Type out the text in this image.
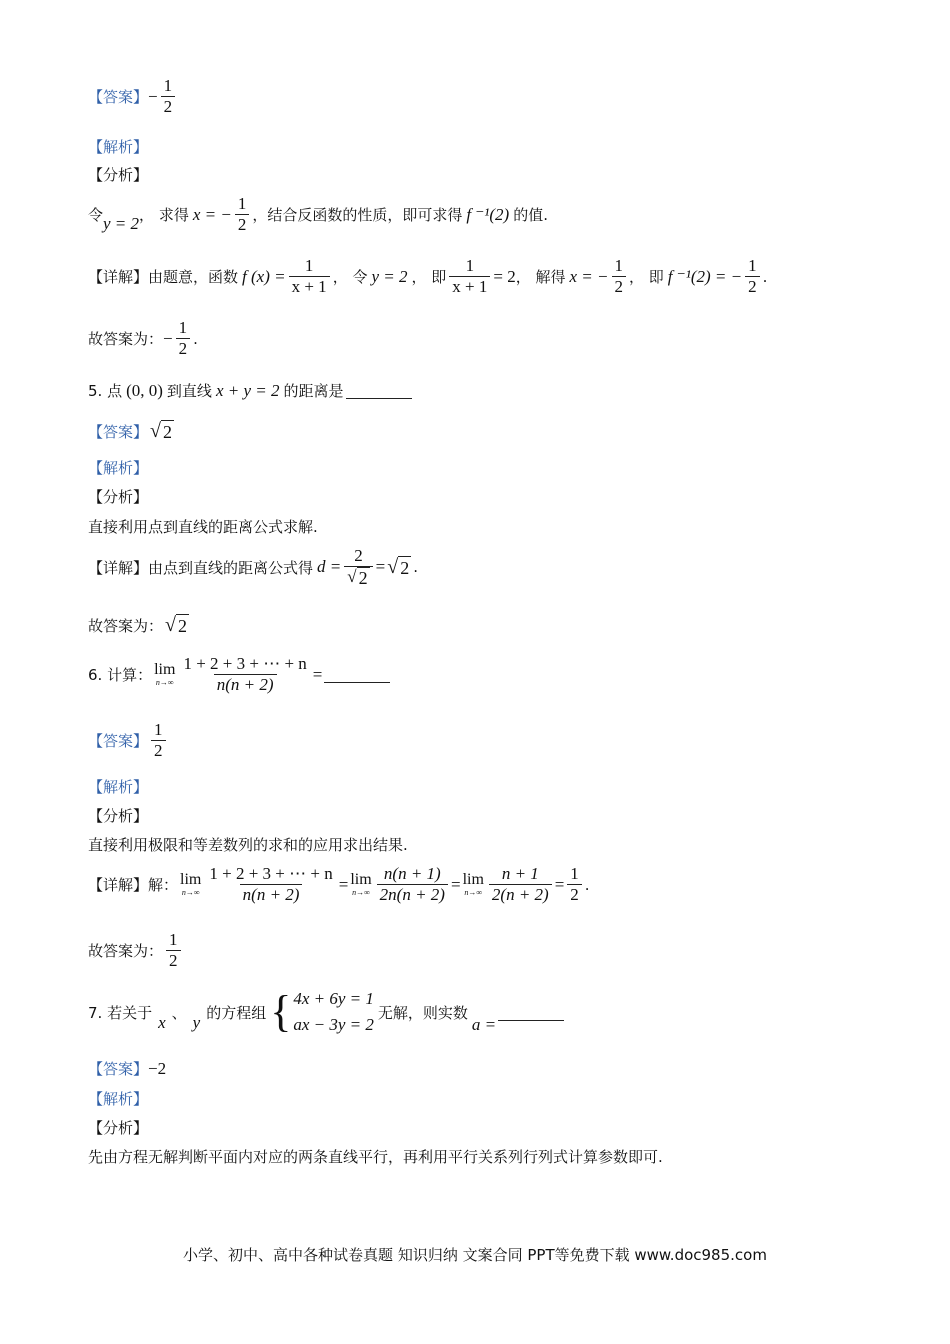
【答案】 − $\frac{1}{2}$
【解析】
【分析】
令 y = 2 ， 求得 x = − $\frac{1}{2}$ ，结合反函数的性质，即可求得 f ⁻¹(2) 的值.
【详解】 由题意，函数 f $(x) = \frac{1}{x + 1}$ ， 令 y = 2 ， 即 $\frac{1}{x + 1} = 2$ ， 解得 x = − $\frac{1}{2}$ ， 即 f ⁻¹(2) = − $\frac{1}{2}$ .
故答案为： − $\frac{1}{2}$ .
5. 点 (0, 0) 到直线 x + y = 2 的距离是
【答案】 √ 2
【解析】
【分析】
直接利用点到直线的距离公式求解.
【详解】 由点到直线的距离公式得 $d = \frac{2}{√ 2}$ = √ 2 .
故答案为： √ 2
6. 计算： lim
$n\to\infty \frac{1 + 2 + 3 + \cdots + n}{n(n + 2)}$ =
【答案】 $\frac{1}{2}$
【解析】
【分析】
直接利用极限和等差数列的求和的应用求出结果.
【详解】 解： lim
$n\to\infty \frac{1 + 2 + 3 + \cdots + n}{n(n + 2)} = \lim$
$n\to\infty \frac{n(n + 1)}{2n(n + 2)} = \lim$
$n\to\infty \frac{n + 1}{2(n + 2)} = \frac{1}{2}$ .
故答案为： $\frac{1}{2}$
7. 若关于
x
、
y
的方程组 { 4x + 6y = 1
ax − 3y = 2
无解，则实数
a =
【答案】 −2
【解析】
【分析】
先由方程无解判断平面内对应的两条直线平行，再利用平行关系列行列式计算参数即可.
小学、初中、高中各种试卷真题 知识归纳 文案合同 PPT等免费下载 www.doc985.com
